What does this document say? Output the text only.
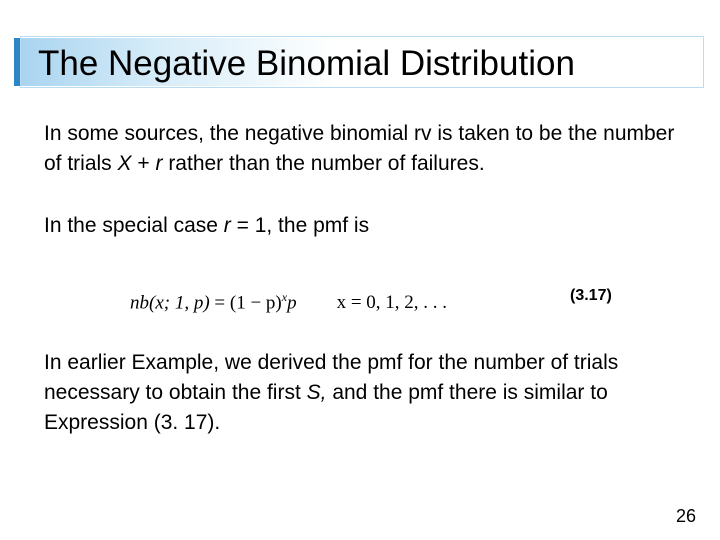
The Negative Binomial Distribution

In some sources, the negative binomial rv is taken to be the number of trials X + r rather than the number of failures.

In the special case r = 1, the pmf is

nb(x; 1, $p) = (1 - p)^xp$ x = 0, 1, 2, . . .	(3.17)

In earlier Example, we derived the pmf for the number of trials necessary to obtain the first S, and the pmf there is similar to Expression (3. 17).

26
